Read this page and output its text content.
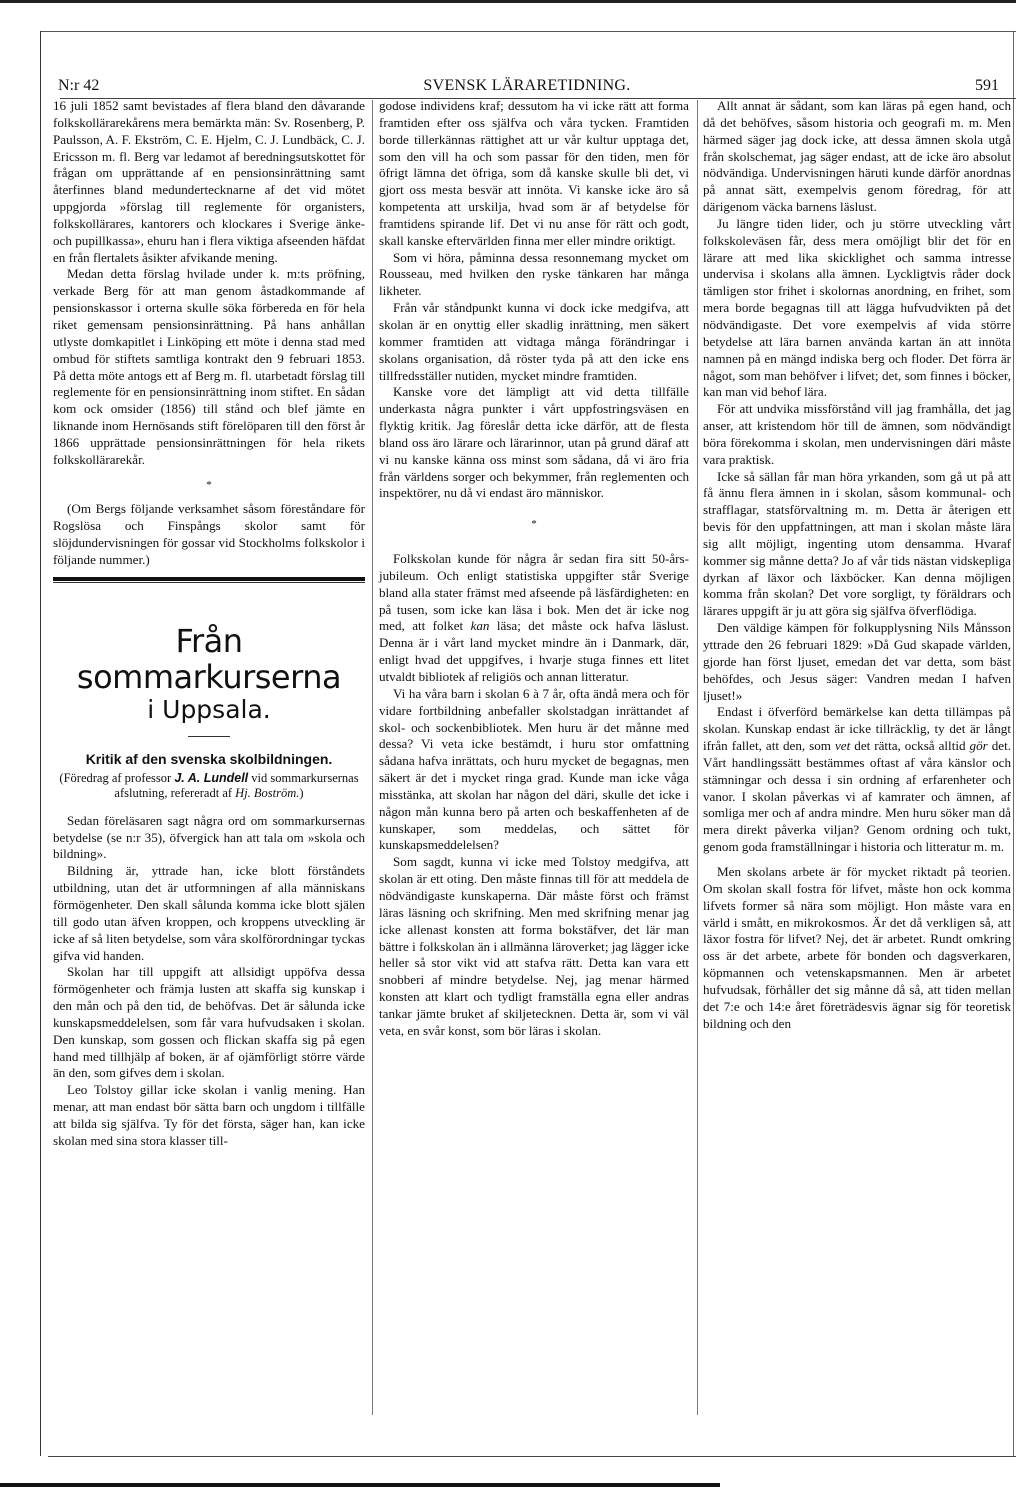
N:r 42	SVENSK LÄRARETIDNING.	591

16 juli 1852 samt bevistades af flera bland den dåvarande folkskollärarekårens mera bemärkta män: Sv. Rosenberg, P. Paulsson, A. F. Ekström, C. E. Hjelm, C. J. Lundbäck, C. J. Ericsson m. fl. Berg var ledamot af beredningsutskottet för frågan om upprättande af en pensionsinrättning samt återfinnes bland medundertecknarne af det vid mötet uppgjorda »förslag till reglemente för organisters, folkskollärares, kantorers och klockares i Sverige änke- och pupillkassa», ehuru han i flera viktiga afseenden häfdat en från flertalets åsikter afvikande mening.

Medan detta förslag hvilade under k. m:ts pröfning, verkade Berg för att man genom åstadkommande af pensionskassor i orterna skulle söka förbereda en för hela riket gemensam pensionsinrättning. På hans anhållan utlyste domkapitlet i Linköping ett möte i denna stad med ombud för stiftets samtliga kontrakt den 9 februari 1853. På detta möte antogs ett af Berg m. fl. utarbetadt förslag till reglemente för en pensionsinrättning inom stiftet. En sådan kom ock omsider (1856) till stånd och blef jämte en liknande inom Hernösands stift förelöparen till den först år 1866 upprättade pensionsinrättningen för hela rikets folkskollärarekår.

*

(Om Bergs följande verksamhet såsom föreståndare för Rogslösa och Finspångs skolor samt för slöjdundervisningen för gossar vid Stockholms folkskolor i följande nummer.)

Från sommarkurserna
i Uppsala.
Kritik af den svenska skolbildningen.
(Föredrag af professor J. A. Lundell vid sommarkursernas afslutning, refereradt af Hj. Boström.)

Sedan föreläsaren sagt några ord om sommarkursernas betydelse (se n:r 35), öfvergick han att tala om »skola och bildning».

Bildning är, yttrade han, icke blott förståndets utbildning, utan det är utformningen af alla människans förmögenheter. Den skall sålunda komma icke blott själen till godo utan äfven kroppen, och kroppens utveckling är icke af så liten betydelse, som våra skolförordningar tyckas gifva vid handen.

Skolan har till uppgift att allsidigt uppöfva dessa förmögenheter och främja lusten att skaffa sig kunskap i den mån och på den tid, de behöfvas. Det är sålunda icke kunskapsmeddelelsen, som får vara hufvudsaken i skolan. Den kunskap, som gossen och flickan skaffa sig på egen hand med tillhjälp af boken, är af ojämförligt större värde än den, som gifves dem i skolan.

Leo Tolstoy gillar icke skolan i vanlig mening. Han menar, att man endast bör sätta barn och ungdom i tillfälle att bilda sig själfva. Ty för det första, säger han, kan icke skolan med sina stora klasser till-

godose individens kraf; dessutom ha vi icke rätt att forma framtiden efter oss själfva och våra tycken. Framtiden borde tillerkännas rättighet att ur vår kultur upptaga det, som den vill ha och som passar för den tiden, men för öfrigt lämna det öfriga, som då kanske skulle bli det, vi gjort oss mesta besvär att innöta. Vi kanske icke äro så kompetenta att urskilja, hvad som är af betydelse för framtidens spirande lif. Det vi nu anse för rätt och godt, skall kanske eftervärlden finna mer eller mindre oriktigt.

Som vi höra, påminna dessa resonnemang mycket om Rousseau, med hvilken den ryske tänkaren har många likheter.

Från vår ståndpunkt kunna vi dock icke medgifva, att skolan är en onyttig eller skadlig inrättning, men säkert kommer framtiden att vidtaga många förändringar i skolans organisation, då röster tyda på att den icke ens tillfredsställer nutiden, mycket mindre framtiden.

Kanske vore det lämpligt att vid detta tillfälle underkasta några punkter i vårt uppfostringsväsen en flyktig kritik. Jag föreslår detta icke därför, att de flesta bland oss äro lärare och lärarinnor, utan på grund däraf att vi nu kanske känna oss minst som sådana, då vi äro fria från världens sorger och bekymmer, från reglementen och inspektörer, nu då vi endast äro människor.

*

Folkskolan kunde för några år sedan fira sitt 50-års-jubileum. Och enligt statistiska uppgifter står Sverige bland alla stater främst med afseende på läsfärdigheten: en på tusen, som icke kan läsa i bok. Men det är icke nog med, att folket kan läsa; det måste ock hafva läslust. Denna är i vårt land mycket mindre än i Danmark, där, enligt hvad det uppgifves, i hvarje stuga finnes ett litet utvaldt bibliotek af religiös och annan litteratur.

Vi ha våra barn i skolan 6 à 7 år, ofta ändå mera och för vidare fortbildning anbefaller skolstadgan inrättandet af skol- och sockenbibliotek. Men huru är det månne med dessa? Vi veta icke bestämdt, i huru stor omfattning sådana hafva inrättats, och huru mycket de begagnas, men säkert är det i mycket ringa grad. Kunde man icke våga misstänka, att skolan har någon del däri, skulle det icke i någon mån kunna bero på arten och beskaffenheten af de kunskaper, som meddelas, och sättet för kunskapsmeddelelsen?

Som sagdt, kunna vi icke med Tolstoy medgifva, att skolan är ett oting. Den måste finnas till för att meddela de nödvändigaste kunskaperna. Där måste först och främst läras läsning och skrifning. Men med skrifning menar jag icke allenast konsten att forma bokstäfver, det lär man bättre i folkskolan än i allmänna läroverket; jag lägger icke heller så stor vikt vid att stafva rätt. Detta kan vara ett snobberi af mindre betydelse. Nej, jag menar härmed konsten att klart och tydligt framställa egna eller andras tankar jämte bruket af skiljetecknen. Detta är, som vi väl veta, en svår konst, som bör läras i skolan.

Allt annat är sådant, som kan läras på egen hand, och då det behöfves, såsom historia och geografi m. m. Men härmed säger jag dock icke, att dessa ämnen skola utgå från skolschemat, jag säger endast, att de icke äro absolut nödvändiga. Undervisningen häruti kunde därför anordnas på annat sätt, exempelvis genom föredrag, för att därigenom väcka barnens läslust.

Ju längre tiden lider, och ju större utveckling vårt folkskoleväsen får, dess mera omöjligt blir det för en lärare att med lika skicklighet och samma intresse undervisa i skolans alla ämnen. Lyckligtvis råder dock tämligen stor frihet i skolornas anordning, en frihet, som mera borde begagnas till att lägga hufvudvikten på det nödvändigaste. Det vore exempelvis af vida större betydelse att lära barnen använda kartan än att innöta namnen på en mängd indiska berg och floder. Det förra är något, som man behöfver i lifvet; det, som finnes i böcker, kan man vid behof lära.

För att undvika missförstånd vill jag framhålla, det jag anser, att kristendom hör till de ämnen, som nödvändigt böra förekomma i skolan, men undervisningen däri måste vara praktisk.

Icke så sällan får man höra yrkanden, som gå ut på att få ännu flera ämnen in i skolan, såsom kommunal- och strafflagar, statsförvaltning m. m. Detta är återigen ett bevis för den uppfattningen, att man i skolan måste lära sig allt möjligt, ingenting utom densamma. Hvaraf kommer sig månne detta? Jo af vår tids nästan vidskepliga dyrkan af läxor och läxböcker. Kan denna möjligen komma från skolan? Det vore sorgligt, ty föräldrars och lärares uppgift är ju att göra sig själfva öfverflödiga.

Den väldige kämpen för folkupplysning Nils Månsson yttrade den 26 februari 1829: »Då Gud skapade världen, gjorde han först ljuset, emedan det var detta, som bäst behöfdes, och Jesus säger: Vandren medan I hafven ljuset!»

Endast i öfverförd bemärkelse kan detta tillämpas på skolan. Kunskap endast är icke tillräcklig, ty det är långt ifrån fallet, att den, som vet det rätta, också alltid gör det. Vårt handlingssätt bestämmes oftast af våra känslor och stämningar och dessa i sin ordning af erfarenheter och vanor. I skolan påverkas vi af kamrater och ämnen, af somliga mer och af andra mindre. Men huru söker man då mera direkt påverka viljan? Genom ordning och tukt, genom goda framställningar i historia och litteratur m. m.

Men skolans arbete är för mycket riktadt på teorien. Om skolan skall fostra för lifvet, måste hon ock komma lifvets former så nära som möjligt. Hon måste vara en värld i smått, en mikrokosmos. Är det då verkligen så, att läxor fostra för lifvet? Nej, det är arbetet. Rundt omkring oss är det arbete, arbete för bonden och dagsverkaren, köpmannen och vetenskapsmannen. Men är arbetet hufvudsak, förhåller det sig månne då så, att tiden mellan det 7:e och 14:e året företrädesvis ägnar sig för teoretisk bildning och den
